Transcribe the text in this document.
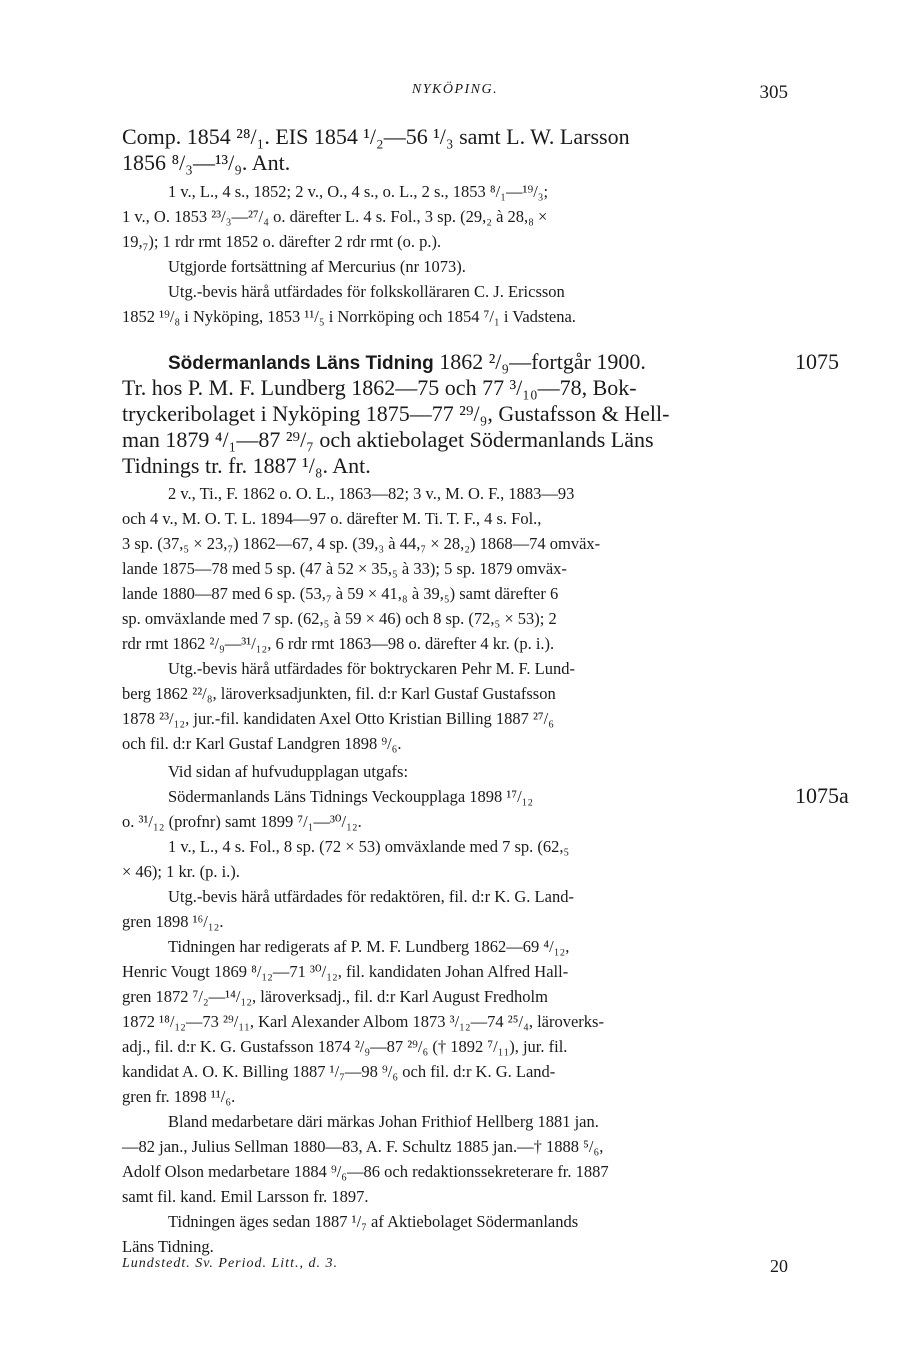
NYKÖPING.	305
Comp. 1854 ²⁸/₁. EIS 1854 ¹/₂—56 ¹/₃ samt L. W. Larsson
1856 ⁸/₃—¹³/₉. Ant.
1 v., L., 4 s., 1852; 2 v., O., 4 s., o. L., 2 s., 1853 ⁸/₁—¹⁹/₃;
1 v., O. 1853 ²³/₃—²⁷/₄ o. därefter L. 4 s. Fol., 3 sp. (29,₂ à 28,₈ ×
19,₇); 1 rdr rmt 1852 o. därefter 2 rdr rmt (o. p.).
Utgjorde fortsättning af Mercurius (nr 1073).
Utg.-bevis härå utfärdades för folkskolläraren C. J. Ericsson
1852 ¹⁹/₈ i Nyköping, 1853 ¹¹/₅ i Norrköping och 1854 ⁷/₁ i Vadstena.
1075
Södermanlands Läns Tidning 1862 ²/₉—fortgår 1900.
Tr. hos P. M. F. Lundberg 1862—75 och 77 ³/₁₀—78, Bok-
tryckeribolaget i Nyköping 1875—77 ²⁹/₉, Gustafsson & Hell-
man 1879 ⁴/₁—87 ²⁹/₇ och aktiebolaget Södermanlands Läns
Tidnings tr. fr. 1887 ¹/₈. Ant.
2 v., Ti., F. 1862 o. O. L., 1863—82; 3 v., M. O. F., 1883—93
och 4 v., M. O. T. L. 1894—97 o. därefter M. Ti. T. F., 4 s. Fol.,
3 sp. (37,₅ × 23,₇) 1862—67, 4 sp. (39,₃ à 44,₇ × 28,₂) 1868—74 omväx-
lande 1875—78 med 5 sp. (47 à 52 × 35,₅ à 33); 5 sp. 1879 omväx-
lande 1880—87 med 6 sp. (53,₇ à 59 × 41,₈ à 39,₅) samt därefter 6
sp. omväxlande med 7 sp. (62,₅ à 59 × 46) och 8 sp. (72,₅ × 53); 2
rdr rmt 1862 ²/₉—³¹/₁₂, 6 rdr rmt 1863—98 o. därefter 4 kr. (p. i.).
Utg.-bevis härå utfärdades för boktryckaren Pehr M. F. Lund-
berg 1862 ²²/₈, läroverksadjunkten, fil. d:r Karl Gustaf Gustafsson
1878 ²³/₁₂, jur.-fil. kandidaten Axel Otto Kristian Billing 1887 ²⁷/₆
och fil. d:r Karl Gustaf Landgren 1898 ⁹/₆.
Vid sidan af hufvudupplagan utgafs:
1075a
Södermanlands Läns Tidnings Veckoupplaga 1898 ¹⁷/₁₂
o. ³¹/₁₂ (profnr) samt 1899 ⁷/₁—³⁰/₁₂.
1 v., L., 4 s. Fol., 8 sp. (72 × 53) omväxlande med 7 sp. (62,₅
× 46); 1 kr. (p. i.).
Utg.-bevis härå utfärdades för redaktören, fil. d:r K. G. Land-
gren 1898 ¹⁶/₁₂.
Tidningen har redigerats af P. M. F. Lundberg 1862—69 ⁴/₁₂,
Henric Vougt 1869 ⁸/₁₂—71 ³⁰/₁₂, fil. kandidaten Johan Alfred Hall-
gren 1872 ⁷/₂—¹⁴/₁₂, läroverksadj., fil. d:r Karl August Fredholm
1872 ¹⁸/₁₂—73 ²⁹/₁₁, Karl Alexander Albom 1873 ³/₁₂—74 ²⁵/₄, läroverks-
adj., fil. d:r K. G. Gustafsson 1874 ²/₉—87 ²⁹/₆ († 1892 ⁷/₁₁), jur. fil.
kandidat A. O. K. Billing 1887 ¹/₇—98 ⁹/₆ och fil. d:r K. G. Land-
gren fr. 1898 ¹¹/₆.
Bland medarbetare däri märkas Johan Frithiof Hellberg 1881 jan.
—82 jan., Julius Sellman 1880—83, A. F. Schultz 1885 jan.—† 1888 ⁵/₆,
Adolf Olson medarbetare 1884 ⁹/₆—86 och redaktionssekreterare fr. 1887
samt fil. kand. Emil Larsson fr. 1897.
Tidningen äges sedan 1887 ¹/₇ af Aktiebolaget Södermanlands
Läns Tidning.
Lundstedt. Sv. Period. Litt., d. 3.	20
